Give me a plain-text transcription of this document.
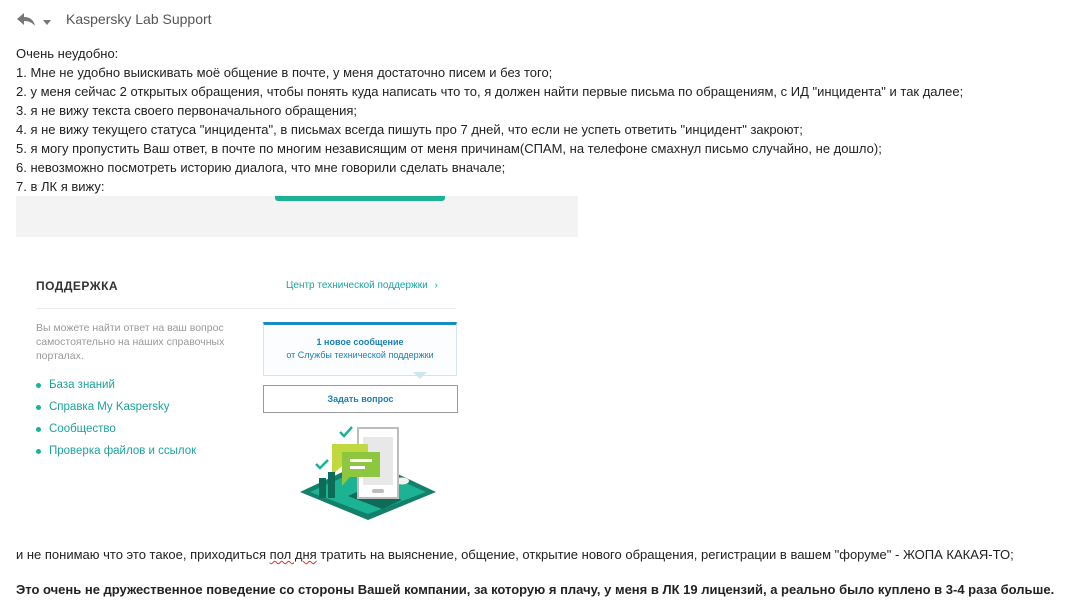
Kaspersky Lab Support
Очень неудобно:
1. Мне не удобно выискивать моё общение в почте, у меня достаточно писем и без того;
2. у меня сейчас 2 открытых обращения, чтобы понять куда написать что то, я должен найти первые письма по обращениям, с ИД "инцидента" и так далее;
3. я не вижу текста своего первоначального обращения;
4. я не вижу текущего статуса "инцидента", в письмах всегда пишуть про 7 дней, что если не успеть ответить "инцидент" закроют;
5. я могу пропустить Ваш ответ, в почте по многим независящим от меня причинам(СПАМ, на телефоне смахнул письмо случайно, не дошло);
6. невозможно посмотреть историю диалога, что мне говорили сделать вначале;
7. в ЛК я вижу:
ПОДДЕРЖКА	Центр технической поддержки ›
Вы можете найти ответ на ваш вопрос самостоятельно на наших справочных порталах.
База знаний
Справка My Kaspersky
Сообщество
Проверка файлов и ссылок
1 новое сообщение
от Службы технической поддержки
Задать вопрос
и не понимаю что это такое, приходиться пол дня тратить на выяснение, общение, открытие нового обращения, регистрации в вашем "форуме" - ЖОПА КАКАЯ-ТО;
Это очень не дружественное поведение со стороны Вашей компании, за которую я плачу, у меня в ЛК 19 лицензий, а реально было куплено в 3-4 раза больше.
